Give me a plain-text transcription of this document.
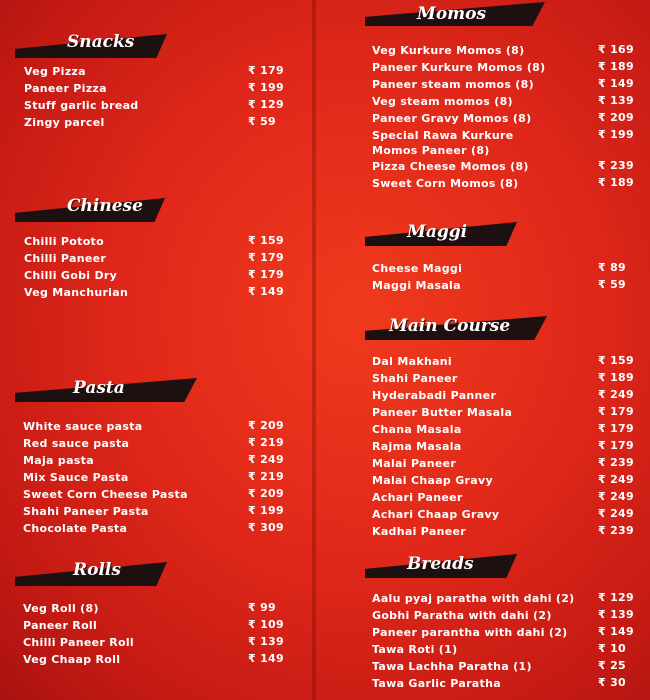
Snacks
Veg Pizza	₹ 179
Paneer Pizza	₹ 199
Stuff garlic bread	₹ 129
Zingy parcel	₹ 59
Chinese
Chilli Pototo	₹ 159
Chilli Paneer	₹ 179
Chilli Gobi Dry	₹ 179
Veg Manchurian	₹ 149
Pasta
White sauce pasta	₹ 209
Red sauce pasta	₹ 219
Maja pasta	₹ 249
Mix Sauce Pasta	₹ 219
Sweet Corn Cheese Pasta	₹ 209
Shahi Paneer Pasta	₹ 199
Chocolate Pasta	₹ 309
Rolls
Veg Roll (8)	₹ 99
Paneer Roll	₹ 109
Chilli Paneer Roll	₹ 139
Veg Chaap Roll	₹ 149
Momos
Veg Kurkure Momos (8)	₹ 169
Paneer Kurkure Momos (8)	₹ 189
Paneer steam momos (8)	₹ 149
Veg steam momos (8)	₹ 139
Paneer Gravy Momos (8)	₹ 209
Special Rawa Kurkure Momos Paneer (8)
₹ 199
Pizza Cheese Momos (8)	₹ 239
Sweet Corn Momos (8)	₹ 189
Maggi
Cheese Maggi	₹ 89
Maggi Masala	₹ 59
Main Course
Dal Makhani	₹ 159
Shahi Paneer	₹ 189
Hyderabadi Panner	₹ 249
Paneer Butter Masala	₹ 179
Chana Masala	₹ 179
Rajma Masala	₹ 179
Malai Paneer	₹ 239
Malai Chaap Gravy	₹ 249
Achari Paneer	₹ 249
Achari Chaap Gravy	₹ 249
Kadhai Paneer	₹ 239
Breads
Aalu pyaj paratha with dahi (2) ₹ 129
Gobhi Paratha with dahi (2)	₹ 139
Paneer parantha with dahi (2)	₹ 149
Tawa Roti (1)	₹ 10
Tawa Lachha Paratha (1)	₹ 25
Tawa Garlic Paratha	₹ 30
